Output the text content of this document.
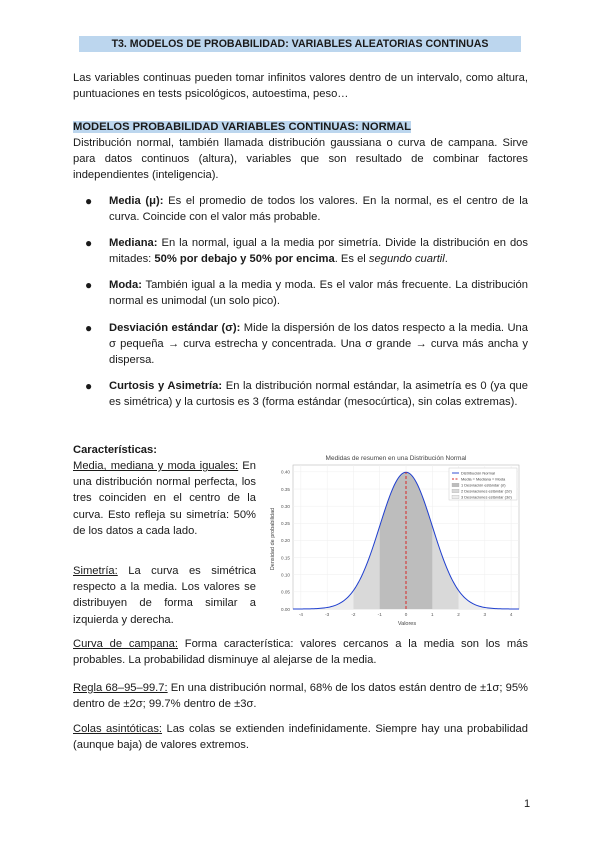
T3. MODELOS DE PROBABILIDAD: VARIABLES ALEATORIAS CONTINUAS

Las variables continuas pueden tomar infinitos valores dentro de un intervalo, como altura, puntuaciones en tests psicológicos, autoestima, peso…

MODELOS PROBABILIDAD VARIABLES CONTINUAS: NORMAL

Distribución normal, también llamada distribución gaussiana o curva de campana. Sirve para datos continuos (altura), variables que son resultado de combinar factores independientes (inteligencia).

● Media (μ): Es el promedio de todos los valores. En la normal, es el centro de la curva. Coincide con el valor más probable.
● Mediana: En la normal, igual a la media por simetría. Divide la distribución en dos mitades: 50% por debajo y 50% por encima. Es el segundo cuartil.
● Moda: También igual a la media y moda. Es el valor más frecuente. La distribución normal es unimodal (un solo pico).
● Desviación estándar (σ): Mide la dispersión de los datos respecto a la media. Una σ pequeña → curva estrecha y concentrada. Una σ grande → curva más ancha y dispersa.
● Curtosis y Asimetría: En la distribución normal estándar, la asimetría es 0 (ya que es simétrica) y la curtosis es 3 (forma estándar (mesocúrtica), sin colas extremas).
Características:
Media, mediana y moda iguales: En una distribución normal perfecta, los tres coinciden en el centro de la curva. Esto refleja su simetría: 50% de los datos a cada lado.
Simetría: La curva es simétrica respecto a la media. Los valores se distribuyen de forma similar a izquierda y derecha.
Curva de campana: Forma característica: valores cercanos a la media son los más probables. La probabilidad disminuye al alejarse de la media.
Regla 68–95–99.7: En una distribución normal, 68% de los datos están dentro de ±1σ; 95% dentro de ±2σ; 99.7% dentro de ±3σ.
Colas asintóticas: Las colas se extienden indefinidamente. Siempre hay una probabilidad (aunque baja) de valores extremos.
Medidas de resumen en una Distribución Normal
Valores
Densidad de probabilidad
0.00
0.05
0.10
0.15
0.20
0.25
0.30
0.35
0.40
-4	-3	-2	-1	0	1	2	3	4
Distribución Normal
Media = Mediana = Moda
1 Desviación estándar (σ)
2 Desviaciones estándar (2σ)
3 Desviaciones estándar (3σ)
1
